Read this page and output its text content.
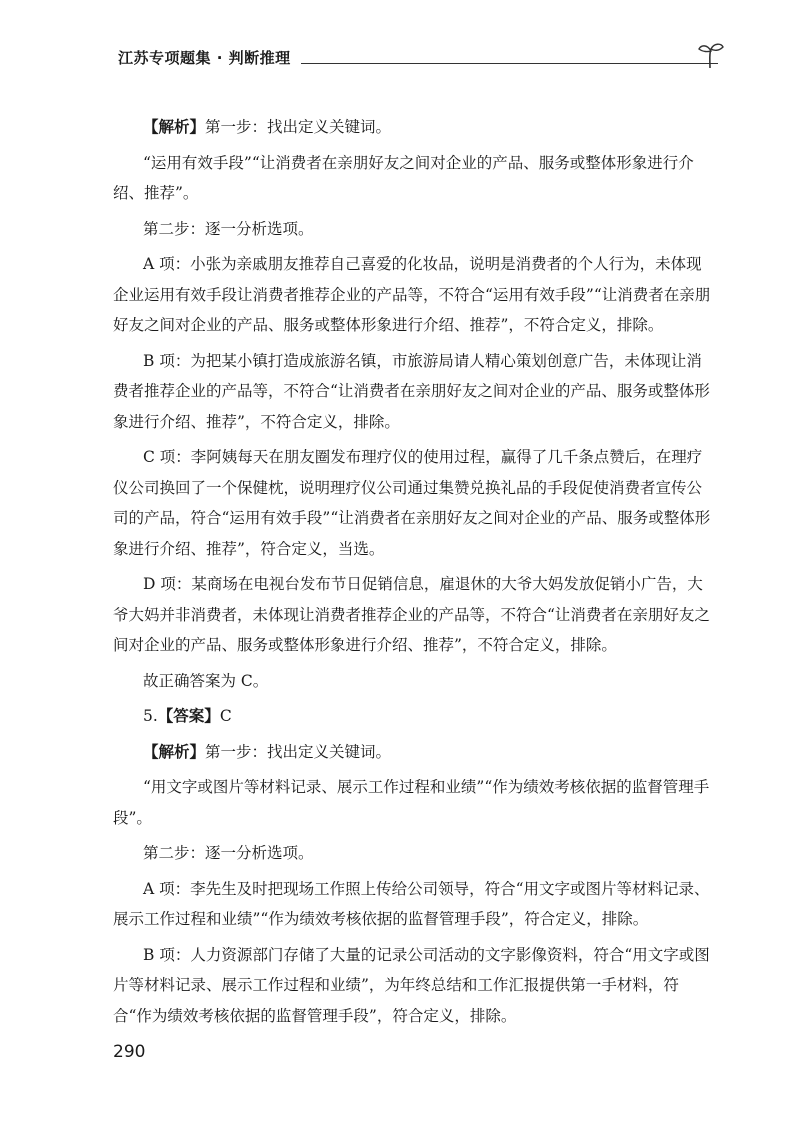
江苏专项题集 · 判断推理

【解析】第一步：找出定义关键词。

“运用有效手段”“让消费者在亲朋好友之间对企业的产品、服务或整体形象进行介绍、推荐”。

第二步：逐一分析选项。

A 项：小张为亲戚朋友推荐自己喜爱的化妆品，说明是消费者的个人行为，未体现企业运用有效手段让消费者推荐企业的产品等，不符合“运用有效手段”“让消费者在亲朋好友之间对企业的产品、服务或整体形象进行介绍、推荐”，不符合定义，排除。

B 项：为把某小镇打造成旅游名镇，市旅游局请人精心策划创意广告，未体现让消费者推荐企业的产品等，不符合“让消费者在亲朋好友之间对企业的产品、服务或整体形象进行介绍、推荐”，不符合定义，排除。

C 项：李阿姨每天在朋友圈发布理疗仪的使用过程，赢得了几千条点赞后，在理疗仪公司换回了一个保健枕，说明理疗仪公司通过集赞兑换礼品的手段促使消费者宣传公司的产品，符合“运用有效手段”“让消费者在亲朋好友之间对企业的产品、服务或整体形象进行介绍、推荐”，符合定义，当选。

D 项：某商场在电视台发布节日促销信息，雇退休的大爷大妈发放促销小广告，大爷大妈并非消费者，未体现让消费者推荐企业的产品等，不符合“让消费者在亲朋好友之间对企业的产品、服务或整体形象进行介绍、推荐”，不符合定义，排除。

故正确答案为 C。

5.【答案】C

【解析】第一步：找出定义关键词。

“用文字或图片等材料记录、展示工作过程和业绩”“作为绩效考核依据的监督管理手段”。

第二步：逐一分析选项。

A 项：李先生及时把现场工作照上传给公司领导，符合“用文字或图片等材料记录、展示工作过程和业绩”“作为绩效考核依据的监督管理手段”，符合定义，排除。

B 项：人力资源部门存储了大量的记录公司活动的文字影像资料，符合“用文字或图片等材料记录、展示工作过程和业绩”，为年终总结和工作汇报提供第一手材料，符合“作为绩效考核依据的监督管理手段”，符合定义，排除。

290
